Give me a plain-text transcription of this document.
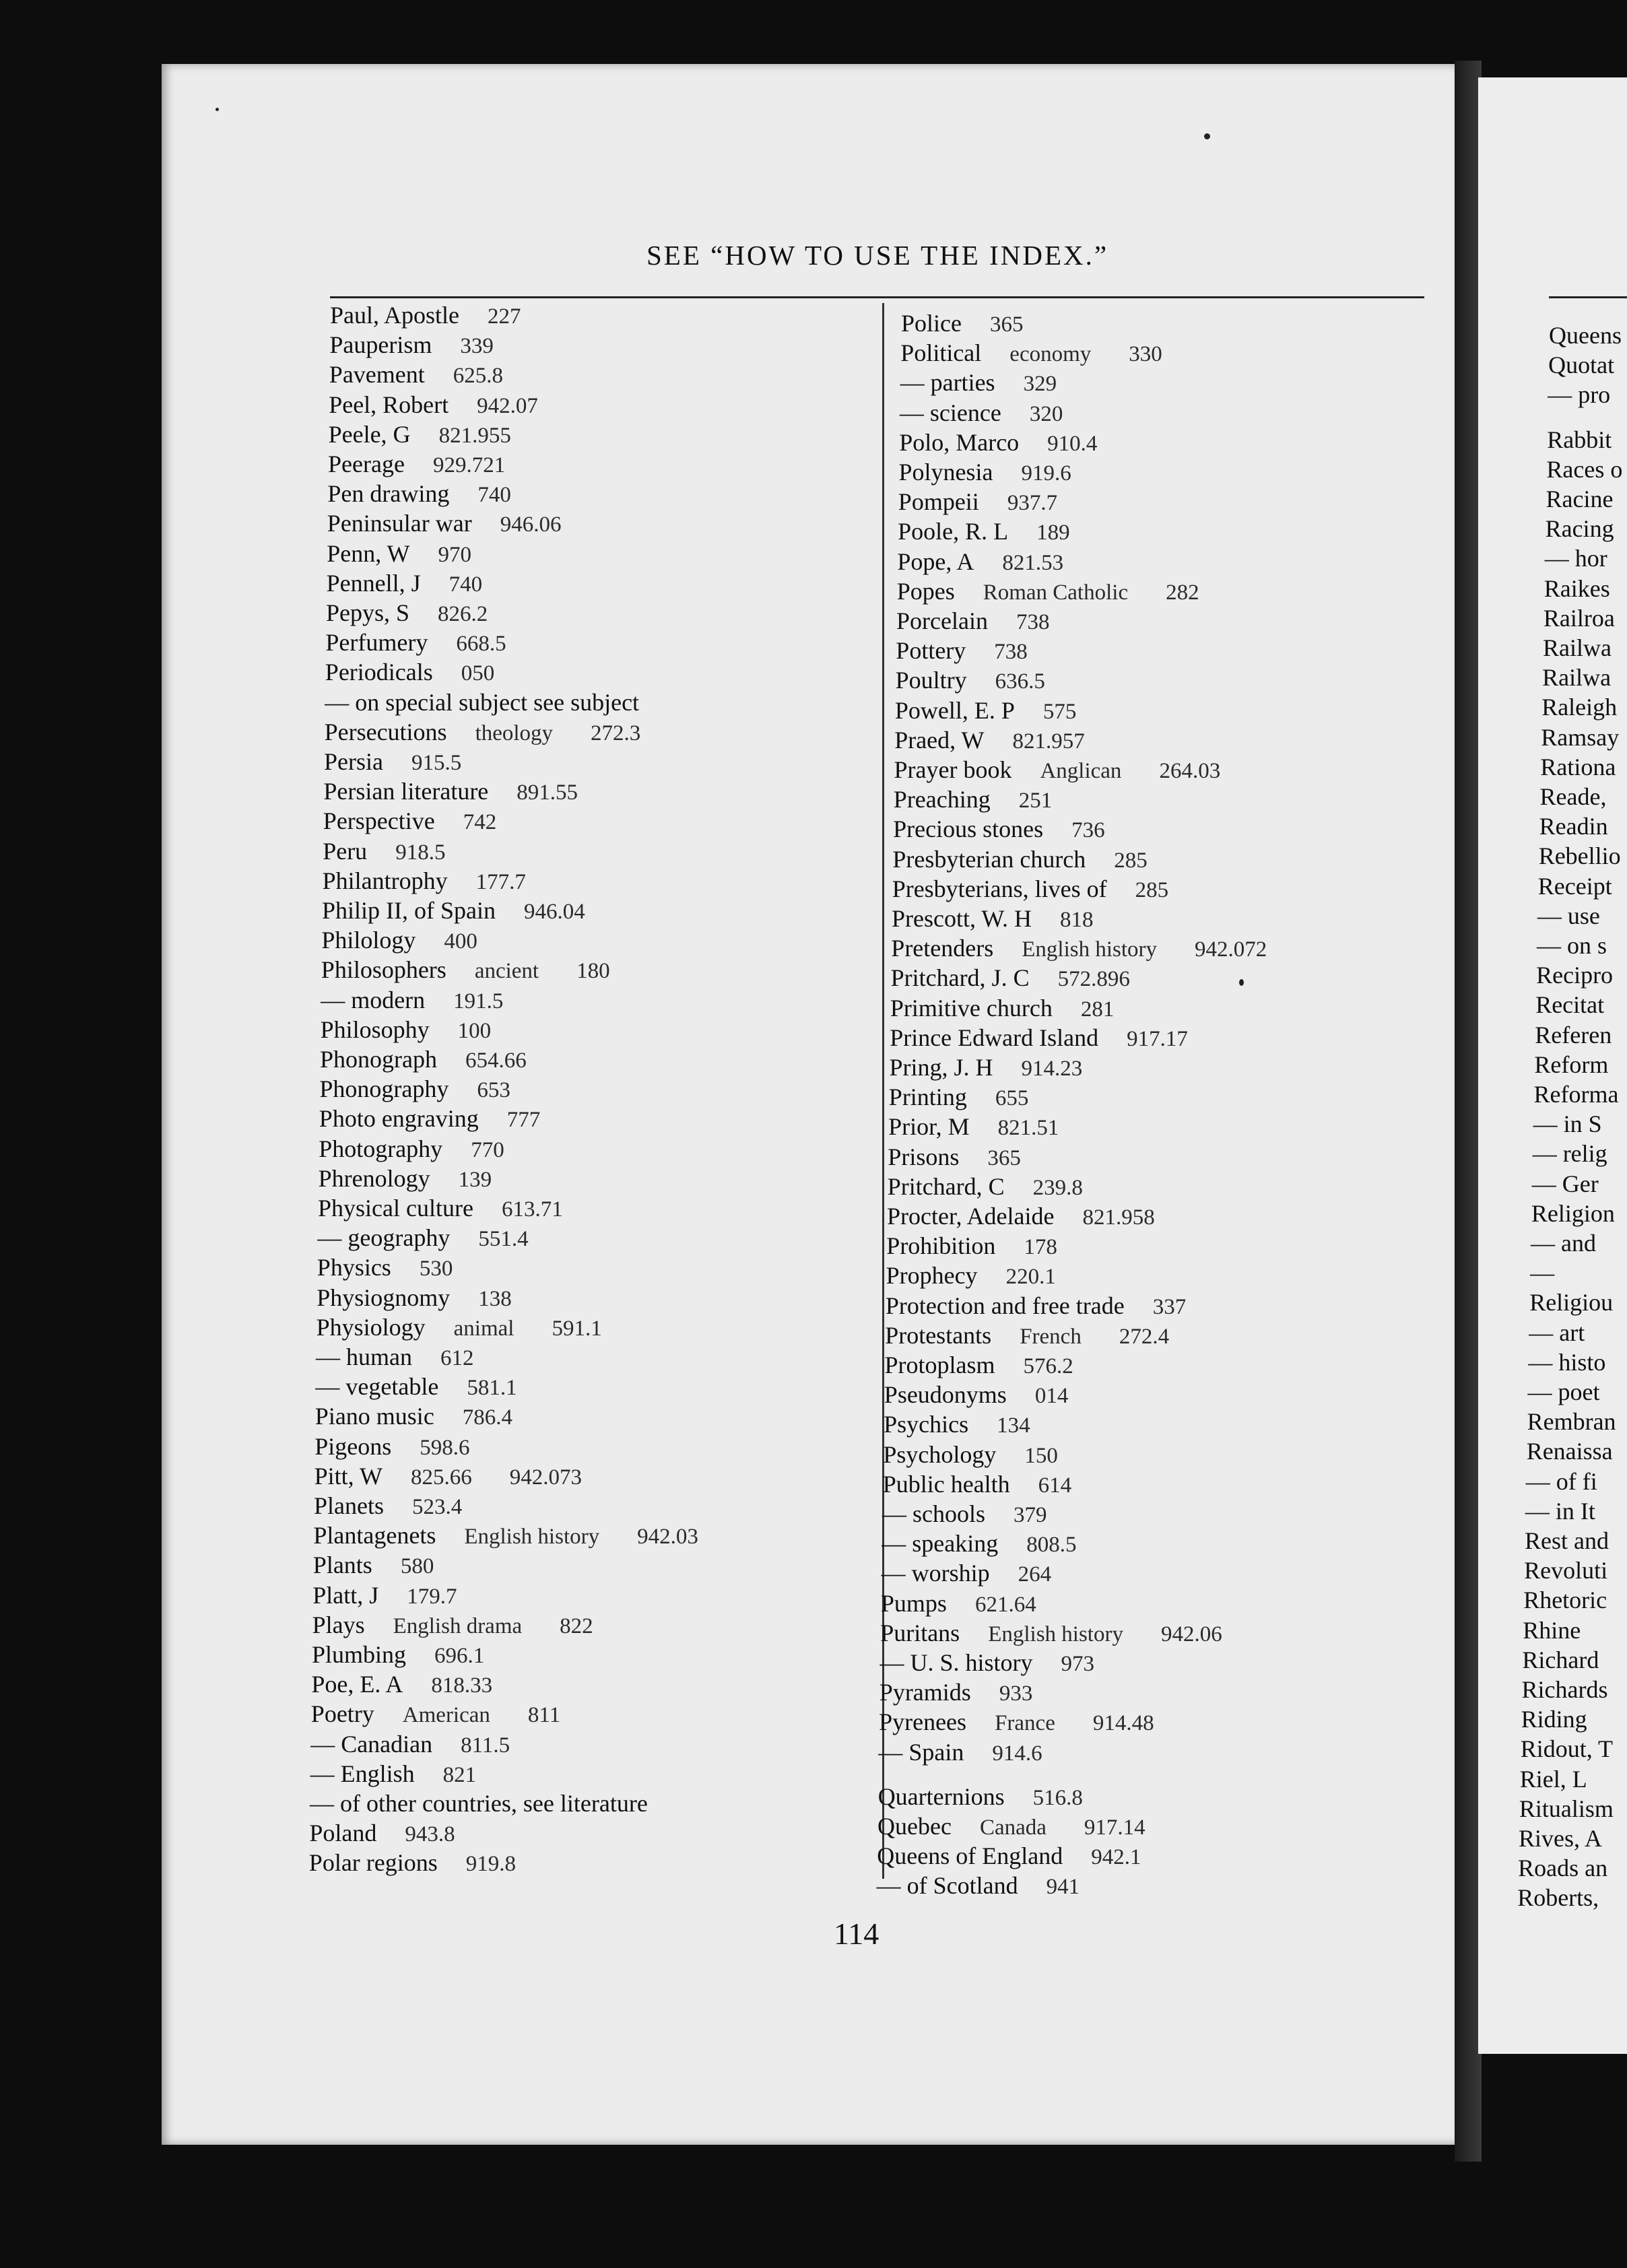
SEE “HOW TO USE THE INDEX.”
Paul, Apostle 227
Pauperism 339
Pavement 625.8
Peel, Robert 942.07
Peele, G 821.955
Peerage 929.721
Pen drawing 740
Peninsular war 946.06
Penn, W 970
Pennell, J 740
Pepys, S 826.2
Perfumery 668.5
Periodicals 050
— on special subject see subject
Persecutions theology 272.3
Persia 915.5
Persian literature 891.55
Perspective 742
Peru 918.5
Philantrophy 177.7
Philip II, of Spain 946.04
Philology 400
Philosophers ancient 180
— modern 191.5
Philosophy 100
Phonograph 654.66
Phonography 653
Photo engraving 777
Photography 770
Phrenology 139
Physical culture 613.71
— geography 551.4
Physics 530
Physiognomy 138
Physiology animal 591.1
— human 612
— vegetable 581.1
Piano music 786.4
Pigeons 598.6
Pitt, W 825.66 942.073
Planets 523.4
Plantagenets English history 942.03
Plants 580
Platt, J 179.7
Plays English drama 822
Plumbing 696.1
Poe, E. A 818.33
Poetry American 811
— Canadian 811.5
— English 821
— of other countries, see literature
Poland 943.8
Polar regions 919.8
Police 365
Political economy 330
— parties 329
— science 320
Polo, Marco 910.4
Polynesia 919.6
Pompeii 937.7
Poole, R. L 189
Pope, A 821.53
Popes Roman Catholic 282
Porcelain 738
Pottery 738
Poultry 636.5
Powell, E. P 575
Praed, W 821.957
Prayer book Anglican 264.03
Preaching 251
Precious stones 736
Presbyterian church 285
Presbyterians, lives of 285
Prescott, W. H 818
Pretenders English history 942.072
Pritchard, J. C 572.896
Primitive church 281
Prince Edward Island 917.17
Pring, J. H 914.23
Printing 655
Prior, M 821.51
Prisons 365
Pritchard, C 239.8
Procter, Adelaide 821.958
Prohibition 178
Prophecy 220.1
Protection and free trade 337
Protestants French 272.4
Protoplasm 576.2
Pseudonyms 014
Psychics 134
Psychology 150
Public health 614
— schools 379
— speaking 808.5
— worship 264
Pumps 621.64
Puritans English history 942.06
— U. S. history 973
Pyramids 933
Pyrenees France 914.48
— Spain 914.6
Quarternions 516.8
Quebec Canada 917.14
Queens of England 942.1
— of Scotland 941
Queens
Quotat
— pro
Rabbit
Races o
Racine
Racing
— hor
Raikes
Railroa
Railwa
Railwa
Raleigh
Ramsay
Rationa
Reade,
Readin
Rebellio
Receipt
— use
— on s
Recipro
Recitat
Referen
Reform
Reforma
— in S
— relig
— Ger
Religion
— and
—
Religiou
— art
— histo
— poet
Rembran
Renaissa
— of fi
— in It
Rest and
Revoluti
Rhetoric
Rhine
Richard
Richards
Riding
Ridout, T
Riel, L
Ritualism
Rives, A
Roads an
Roberts,
114
